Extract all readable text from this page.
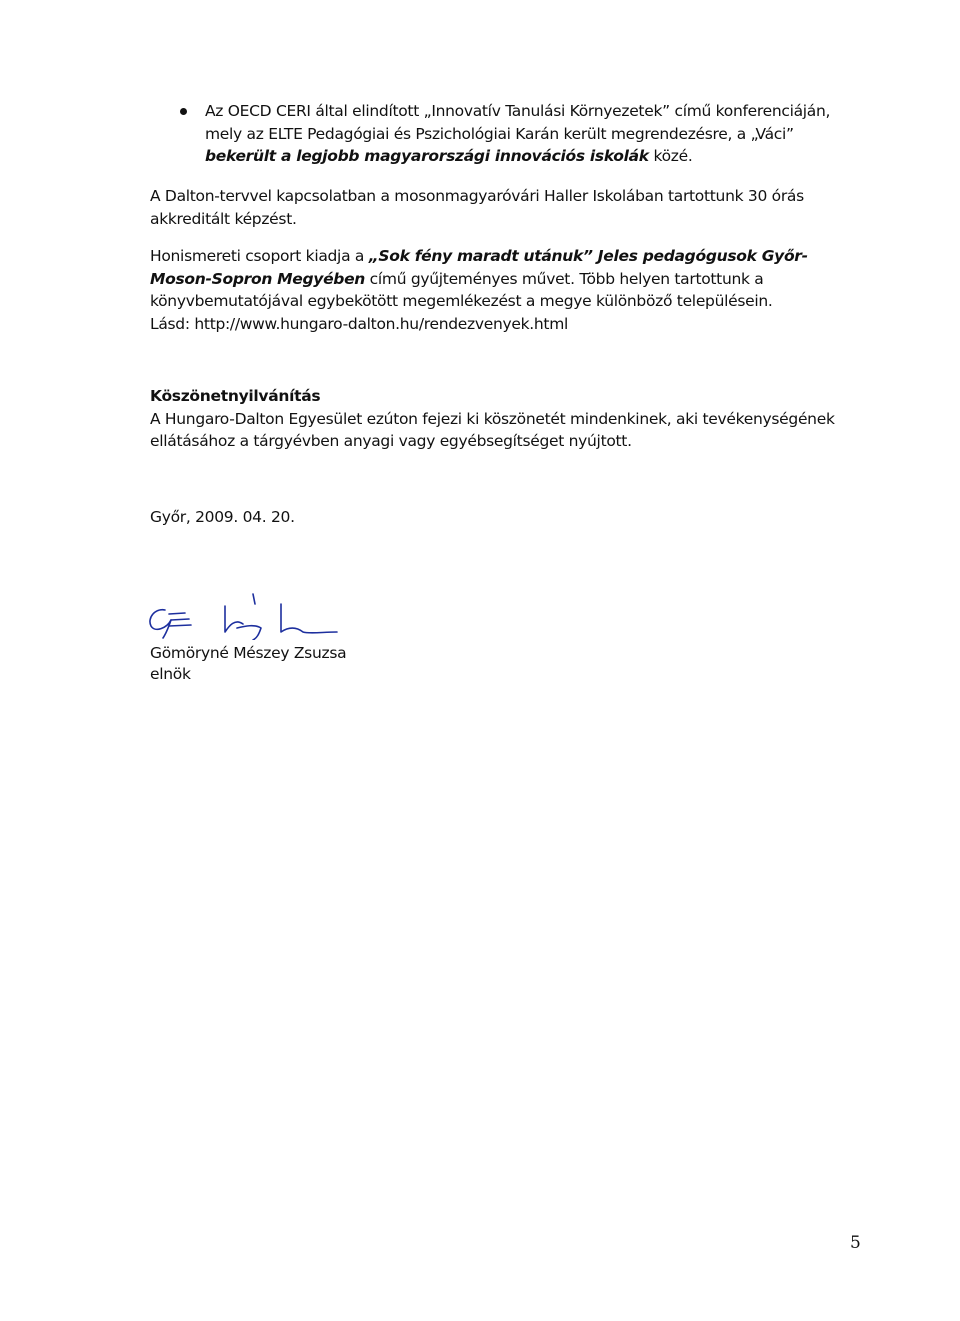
Az OECD CERI által elindított „Innovatív Tanulási Környezetek” című konferenciáján, mely az ELTE Pedagógiai és Pszichológiai Karán került megrendezésre, a „Váci” bekerült a legjobb magyarországi innovációs iskolák közé.

A Dalton-tervvel kapcsolatban a mosonmagyaróvári Haller Iskolában tartottunk 30 órás akkreditált képzést.

Honismereti csoport kiadja a „Sok fény maradt utánuk” Jeles pedagógusok Győr-Moson-Sopron Megyében című gyűjteményes művet. Több helyen tartottunk a könyvbemutatójával egybekötött megemlékezést a megye különböző településein.

Lásd: http://www.hungaro-dalton.hu/rendezvenyek.html

Köszönetnyilvánítás

A Hungaro-Dalton Egyesület ezúton fejezi ki köszönetét mindenkinek, aki tevékenységének ellátásához a tárgyévben anyagi vagy egyébsegítséget nyújtott.

Győr, 2009. 04. 20.

Gömöryné Mészey Zsuzsa

elnök

5
